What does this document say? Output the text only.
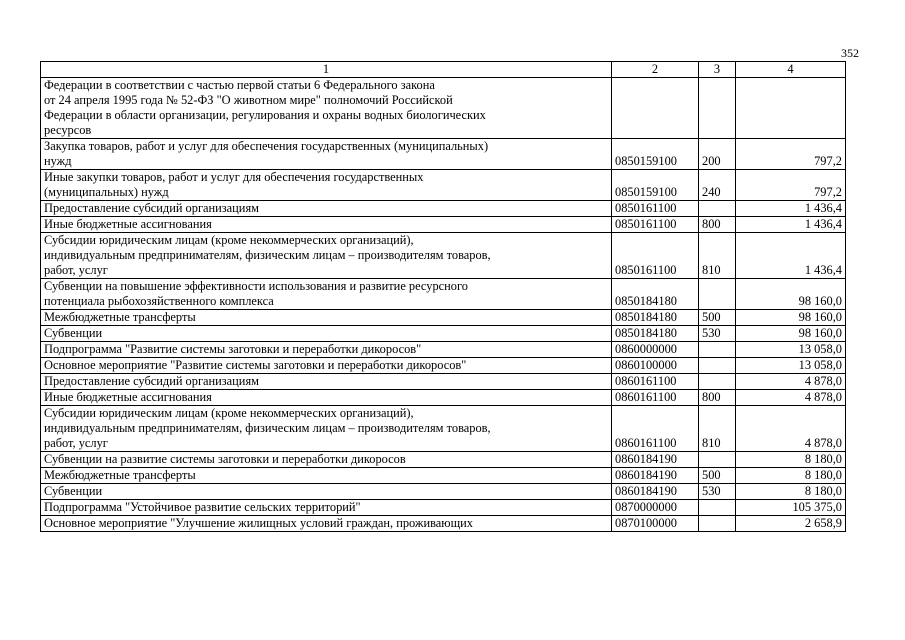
352
1	2	3	4
Федерации в соответствии с частью первой статьи 6 Федерального закона
от 24 апреля 1995 года № 52-ФЗ "О животном мире" полномочий Российской
Федерации в области организации, регулирования и охраны водных биологических
ресурсов			
Закупка товаров, работ и услуг для обеспечения государственных (муниципальных)
нужд	0850159100	200	797,2
Иные закупки товаров, работ и услуг для обеспечения государственных
(муниципальных) нужд	0850159100	240	797,2
Предоставление субсидий организациям	0850161100		1 436,4
Иные бюджетные ассигнования	0850161100	800	1 436,4
Субсидии юридическим лицам (кроме некоммерческих организаций),
индивидуальным предпринимателям, физическим лицам – производителям товаров,
работ, услуг	0850161100	810	1 436,4
Субвенции на повышение эффективности использования и развитие ресурсного
потенциала рыбохозяйственного комплекса	0850184180		98 160,0
Межбюджетные трансферты	0850184180	500	98 160,0
Субвенции	0850184180	530	98 160,0
Подпрограмма "Развитие системы заготовки и переработки дикоросов"	0860000000		13 058,0
Основное мероприятие "Развитие системы заготовки и переработки дикоросов"	0860100000		13 058,0
Предоставление субсидий организациям	0860161100		4 878,0
Иные бюджетные ассигнования	0860161100	800	4 878,0
Субсидии юридическим лицам (кроме некоммерческих организаций),
индивидуальным предпринимателям, физическим лицам – производителям товаров,
работ, услуг	0860161100	810	4 878,0
Субвенции на развитие системы заготовки и переработки дикоросов	0860184190		8 180,0
Межбюджетные трансферты	0860184190	500	8 180,0
Субвенции	0860184190	530	8 180,0
Подпрограмма "Устойчивое развитие сельских территорий"	0870000000		105 375,0
Основное мероприятие "Улучшение жилищных условий граждан, проживающих	0870100000		2 658,9
